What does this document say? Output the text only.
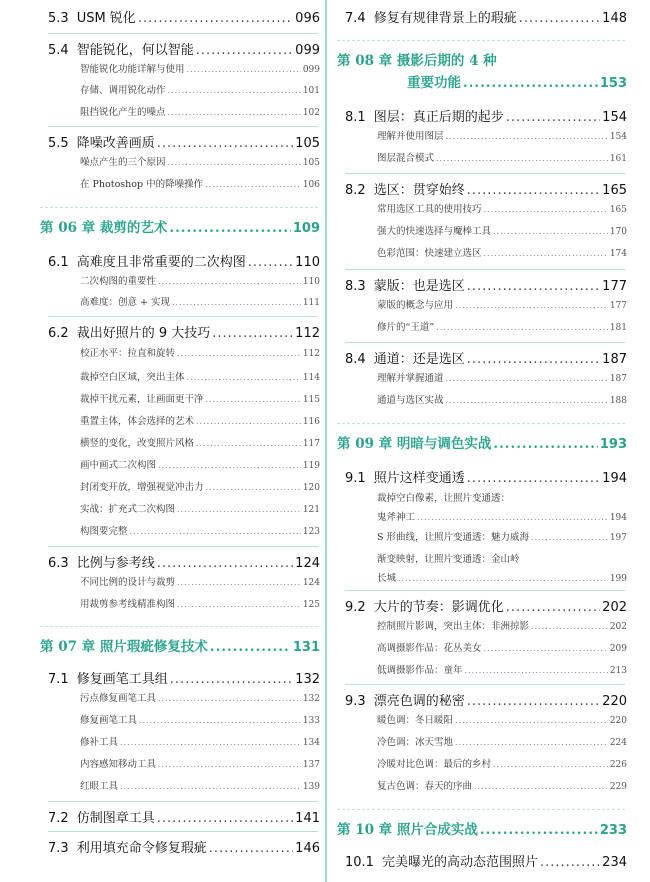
5.3 USM 锐化 .....	096
5.4 智能锐化，何以智能 .....	099
智能锐化功能详解与使用 .....	099
存储、调用锐化动作 .....	101
阻挡锐化产生的噪点 .....	102
5.5 降噪改善画质 .....	105
噪点产生的三个原因 .....	105
在 Photoshop 中的降噪操作 .....	106
第 06 章 裁剪的艺术 .....	109
6.1 高难度且非常重要的二次构图 .....	110
二次构图的重要性 .....	110
高难度：创意 + 实现 .....	111
6.2 裁出好照片的 9 大技巧 .....	112
校正水平：拉直和旋转 .....	112
裁掉空白区域，突出主体 .....	114
裁掉干扰元素，让画面更干净 .....	115
重置主体，体会选择的艺术 .....	116
横竖的变化，改变照片风格 .....	117
画中画式二次构图 .....	119
封闭变开放，增强视觉冲击力 .....	120
实战：扩充式二次构图 .....	121
构图要完整 .....	123
6.3 比例与参考线 .....	124
不同比例的设计与裁剪 .....	124
用裁剪参考线精准构图 .....	125
第 07 章 照片瑕疵修复技术 .....	131
7.1 修复画笔工具组 .....	132
污点修复画笔工具 .....	132
修复画笔工具 .....	133
修补工具 .....	134
内容感知移动工具 .....	137
红眼工具 .....	139
7.2 仿制图章工具 .....	141
7.3 利用填充命令修复瑕疵 .....	146
7.4 修复有规律背景上的瑕疵 .....	148
第 08 章 摄影后期的 4 种
重要功能 .....	153
8.1 图层：真正后期的起步 .....	154
理解并使用图层 .....	154
图层混合模式 .....	161
8.2 选区：贯穿始终 .....	165
常用选区工具的使用技巧 .....	165
强大的快速选择与魔棒工具 .....	170
色彩范围：快速建立选区 .....	174
8.3 蒙版：也是选区 .....	177
蒙版的概念与应用 .....	177
修片的“王道” .....	181
8.4 通道：还是选区 .....	187
理解并掌握通道 .....	187
通道与选区实战 .....	188
第 09 章 明暗与调色实战 .....	193
9.1 照片这样变通透 .....	194
裁掉空白像素，让照片变通透：
鬼斧神工 .....	194
S 形曲线，让照片变通透：魅力威海 .....	197
渐变映射，让照片变通透：金山岭
长城 .....	199
9.2 大片的节奏：影调优化 .....	202
控制照片影调，突出主体：非洲掠影 .....	202
高调摄影作品：花丛美女 .....	209
低调摄影作品：童年 .....	213
9.3 漂亮色调的秘密 .....	220
暖色调：冬日暖阳 .....	220
冷色调：冰天雪地 .....	224
冷暖对比色调：最后的乡村 .....	226
复古色调：春天的序曲 .....	229
第 10 章 照片合成实战 .....	233
10.1 完美曝光的高动态范围照片 .....	234
